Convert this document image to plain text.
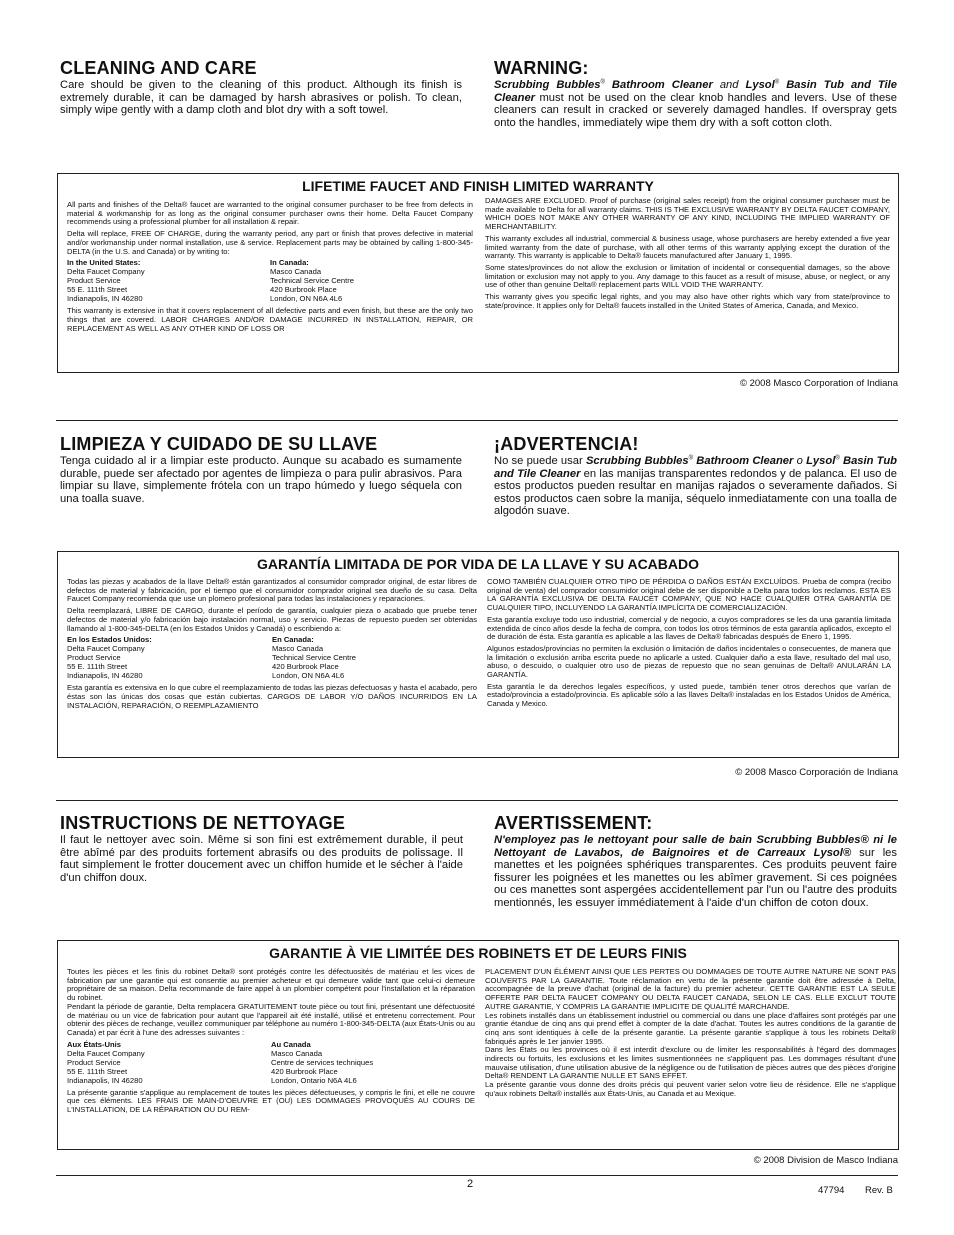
CLEANING AND CARE

Care should be given to the cleaning of this product. Although its finish is extremely durable, it can be damaged by harsh abrasives or polish. To clean, simply wipe gently with a damp cloth and blot dry with a soft towel.

WARNING:

Scrubbing Bubbles® Bathroom Cleaner and Lysol® Basin Tub and Tile Cleaner must not be used on the clear knob handles and levers. Use of these cleaners can result in cracked or severely damaged handles. If overspray gets onto the handles, immediately wipe them dry with a soft cotton cloth.

LIFETIME FAUCET AND FINISH LIMITED WARRANTY

All parts and finishes of the Delta® faucet are warranted to the original consumer purchaser to be free from defects in material & workmanship for as long as the original consumer purchaser owns their home. Delta Faucet Company recommends using a professional plumber for all installation & repair.

Delta will replace, FREE OF CHARGE, during the warranty period, any part or finish that proves defective in material and/or workmanship under normal installation, use & service. Replacement parts may be obtained by calling 1-800-345-DELTA (in the U.S. and Canada) or by writing to:

In the United States:
Delta Faucet Company
Product Service
55 E. 111th Street
Indianapolis, IN 46280
In Canada:
Masco Canada
Technical Service Centre
420 Burbrook Place
London, ON N6A 4L6

This warranty is extensive in that it covers replacement of all defective parts and even finish, but these are the only two things that are covered. LABOR CHARGES AND/OR DAMAGE INCURRED IN INSTALLATION, REPAIR, OR REPLACEMENT AS WELL AS ANY OTHER KIND OF LOSS OR

DAMAGES ARE EXCLUDED. Proof of purchase (original sales receipt) from the original consumer purchaser must be made available to Delta for all warranty claims. THIS IS THE EXCLUSIVE WARRANTY BY DELTA FAUCET COMPANY, WHICH DOES NOT MAKE ANY OTHER WARRANTY OF ANY KIND, INCLUDING THE IMPLIED WARRANTY OF MERCHANTABILITY.

This warranty excludes all industrial, commercial & business usage, whose purchasers are hereby extended a five year limited warranty from the date of purchase, with all other terms of this warranty applying except the duration of the warranty. This warranty is applicable to Delta® faucets manufactured after January 1, 1995.

Some states/provinces do not allow the exclusion or limitation of incidental or consequential damages, so the above limitation or exclusion may not apply to you. Any damage to this faucet as a result of misuse, abuse, or neglect, or any use of other than genuine Delta® replacement parts WILL VOID THE WARRANTY.

This warranty gives you specific legal rights, and you may also have other rights which vary from state/province to state/province. It applies only for Delta® faucets installed in the United States of America, Canada, and Mexico.

© 2008 Masco Corporation of Indiana
LIMPIEZA Y CUIDADO DE SU LLAVE

Tenga cuidado al ir a limpiar este producto. Aunque su acabado es sumamente durable, puede ser afectado por agentes de limpieza o para pulir abrasivos. Para limpiar su llave, simplemente frótela con un trapo húmedo y luego séquela con una toalla suave.

¡ADVERTENCIA!

No se puede usar Scrubbing Bubbles® Bathroom Cleaner o Lysol® Basin Tub and Tile Cleaner en las manijas transparentes redondos y de palanca. El uso de estos productos pueden resultar en manijas rajados o severamente dañados. Si estos productos caen sobre la manija, séquelo inmediatamente con una toalla de algodón suave.

GARANTÍA LIMITADA DE POR VIDA DE LA LLAVE Y SU ACABADO

Todas las piezas y acabados de la llave Delta® están garantizados al consumidor comprador original, de estar libres de defectos de material y fabricación, por el tiempo que el consumidor comprador original sea dueño de su casa. Delta Faucet Company recomienda que use un plomero profesional para todas las instalaciones y reparaciones.

Delta reemplazará, LIBRE DE CARGO, durante el período de garantía, cualquier pieza o acabado que pruebe tener defectos de material y/o fabricación bajo instalación normal, uso y servicio. Piezas de repuesto pueden ser obtenidas llamando al 1-800-345-DELTA (en los Estados Unidos y Canadá) o escribiendo a:

En los Estados Unidos:
Delta Faucet Company
Product Service
55 E. 111th Street
Indianapolis, IN 46280
En Canada:
Masco Canada
Technical Service Centre
420 Burbrook Place
London, ON N6A 4L6

Esta garantía es extensiva en lo que cubre el reemplazamiento de todas las piezas defectuosas y hasta el acabado, pero éstas son las únicas dos cosas que están cubiertas. CARGOS DE LABOR Y/O DAÑOS INCURRIDOS EN LA INSTALACIÓN, REPARACIÓN, O REEMPLAZAMIENTO

COMO TAMBIÉN CUALQUIER OTRO TIPO DE PÉRDIDA O DAÑOS ESTÁN EXCLUÍDOS. Prueba de compra (recibo original de venta) del comprador consumidor original debe de ser disponible a Delta para todos los reclamos. ESTA ES LA GARANTÍA EXCLUSIVA DE DELTA FAUCET COMPANY, QUE NO HACE CUALQUIER OTRA GARANTÍA DE CUALQUIER TIPO, INCLUYENDO LA GARANTÍA IMPLÍCITA DE COMERCIALIZACIÓN.

Esta garantía excluye todo uso industrial, comercial y de negocio, a cuyos compradores se les da una garantía limitada extendida de cinco años desde la fecha de compra, con todos los otros términos de esta garantía aplicados, excepto el de duración de ésta. Esta garantía es aplicable a las llaves de Delta® fabricadas después de Enero 1, 1995.

Algunos estados/provincias no permiten la exclusión o limitación de daños incidentales o consecuentes, de manera que la limitación o exclusión arriba escrita puede no aplicarle a usted. Cualquier daño a esta llave, resultado del mal uso, abuso, o descuido, o cualquier otro uso de piezas de repuesto que no sean genuinas de Delta® ANULARÁN LA GARANTÍA.

Esta garantía le da derechos legales específicos, y usted puede, también tener otros derechos que varían de estado/provincia a estado/provincia. Es aplicable sólo a las llaves Delta® instaladas en los Estados Unidos de América, Canada y Mexico.

© 2008 Masco Corporación de Indiana
INSTRUCTIONS DE NETTOYAGE

Il faut le nettoyer avec soin. Même si son fini est extrêmement durable, il peut être abîmé par des produits fortement abrasifs ou des produits de polissage. Il faut simplement le frotter doucement avec un chiffon humide et le sécher à l'aide d'un chiffon doux.

AVERTISSEMENT:

N'employez pas le nettoyant pour salle de bain Scrubbing Bubbles® ni le Nettoyant de Lavabos, de Baignoires et de Carreaux Lysol® sur les manettes et les poignées sphériques transparentes. Ces produits peuvent faire fissurer les poignées et les manettes ou les abîmer gravement. Si ces poignées ou ces manettes sont aspergées accidentellement par l'un ou l'autre des produits mentionnés, les essuyer immédiatement à l'aide d'un chiffon de coton doux.

GARANTIE À VIE LIMITÉE DES ROBINETS ET DE LEURS FINIS

Toutes les pièces et les finis du robinet Delta® sont protégés contre les défectuosités de matériau et les vices de fabrication par une garantie qui est consentie au premier acheteur et qui demeure valide tant que celui-ci demeure propriétaire de sa maison. Delta recommande de faire appel à un plombier compétent pour l'installation et la réparation du robinet.

Pendant la période de garantie, Delta remplacera GRATUITEMENT toute pièce ou tout fini, présentant une défectuosité de matériau ou un vice de fabrication pour autant que l'appareil ait été installé, utilisé et entretenu correctement. Pour obtenir des pièces de rechange, veuillez communiquer par téléphone au numéro 1-800-345-DELTA (aux États-Unis ou au Canada) et par écrit à l'une des adresses suivantes :

Aux États-Unis
Delta Faucet Company
Product Service
55 E. 111th Street
Indianapolis, IN 46280
Au Canada
Masco Canada
Centre de services techniques
420 Burbrook Place
London, Ontario N6A 4L6

La présente garantie s'applique au remplacement de toutes les pièces défectueuses, y compris le fini, et elle ne couvre que ces éléments. LES FRAIS DE MAIN-D'OEUVRE ET (OU) LES DOMMAGES PROVOQUÉS AU COURS DE L'INSTALLATION, DE LA RÉPARATION OU DU REM-

PLACEMENT D'UN ÉLÉMENT AINSI QUE LES PERTES OU DOMMAGES DE TOUTE AUTRE NATURE NE SONT PAS COUVERTS PAR LA GARANTIE. Toute réclamation en vertu de la présente garantie doit être adressée à Delta, accompagnée de la preuve d'achat (original de la facture) du premier acheteur. CETTE GARANTIE EST LA SEULE OFFERTE PAR DELTA FAUCET COMPANY OU DELTA FAUCET CANADA, SELON LE CAS. ELLE EXCLUT TOUTE AUTRE GARANTIE, Y COMPRIS LA GARANTIE IMPLICITE DE QUALITÉ MARCHANDE.

Les robinets installés dans un établissement industriel ou commercial ou dans une place d'affaires sont protégés par une grantie étandue de cinq ans qui prend effet à compter de la date d'achat. Toutes les autres conditions de la garantie de cinq ans sont identiques à celle de la présente garantie. La présente garantie s'applique à tous les robinets Delta® fabriqués après le 1er janvier 1995.

Dans les États ou les provinces où il est interdit d'exclure ou de limiter les responsabilités à l'égard des dommages indirects ou fortuits, les exclusions et les limites susmentionnées ne s'appliquent pas. Les dommages résultant d'une mauvaise utilisation, d'une utilisation abusive de la négligence ou de l'utilisation de pièces autres que des pièces d'origine Delta® RENDENT LA GARANTIE NULLE ET SANS EFFET.

La présente garantie vous donne des droits précis qui peuvent varier selon votre lieu de résidence. Elle ne s'applique qu'aux robinets Delta® installés aux États-Unis, au Canada et au Mexique.

© 2008 Division de Masco Indiana
2
47794 Rev. B
